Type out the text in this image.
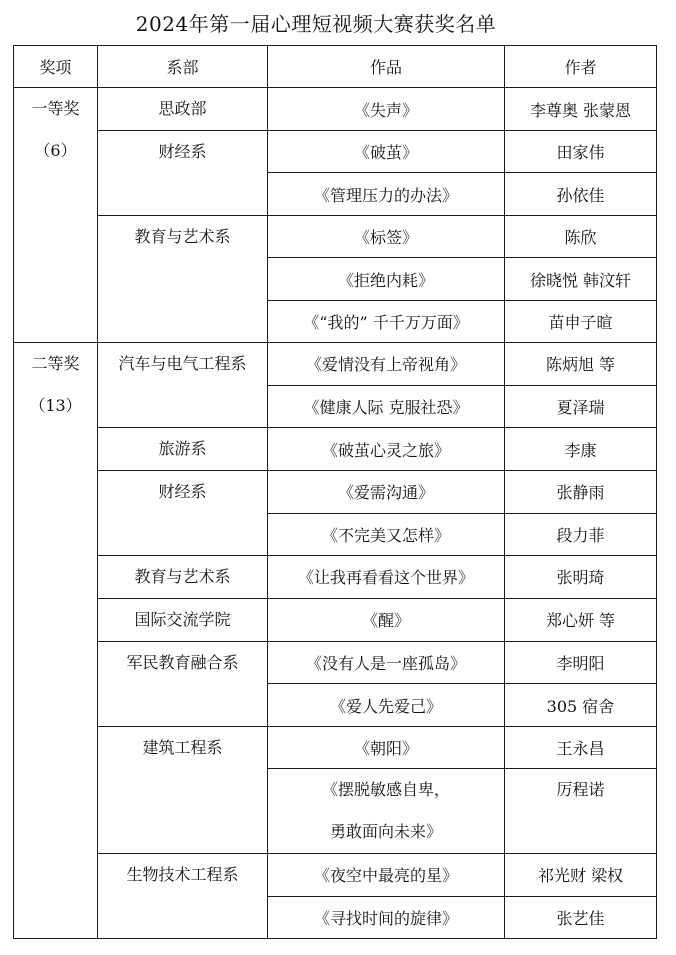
2024年第一届心理短视频大赛获奖名单
奖项	系部	作品	作者

一等奖
（6）	思政部	《失声》	李尊奥 张蒙恩

	财经系	《破茧》	田家伟
		《管理压力的办法》	孙依佳

	教育与艺术系	《标签》	陈欣
		《拒绝内耗》	徐晓悦 韩汶轩
		《“我的” 千千万万面》	苗申子暄

二等奖
（13）	汽车与电气工程系	《爱情没有上帝视角》	陈炳旭 等
		《健康人际 克服社恐》	夏泽瑞

	旅游系	《破茧心灵之旅》	李康

	财经系	《爱需沟通》	张静雨
		《不完美又怎样》	段力菲

	教育与艺术系	《让我再看看这个世界》	张明琦

	国际交流学院	《醒》	郑心妍 等

	军民教育融合系	《没有人是一座孤岛》	李明阳
		《爱人先爱己》	305 宿舍

	建筑工程系	《朝阳》	王永昌

		《摆脱敏感自卑，
勇敢面向未来》	厉程诺

	生物技术工程系	《夜空中最亮的星》	祁光财 梁权
		《寻找时间的旋律》	张艺佳
